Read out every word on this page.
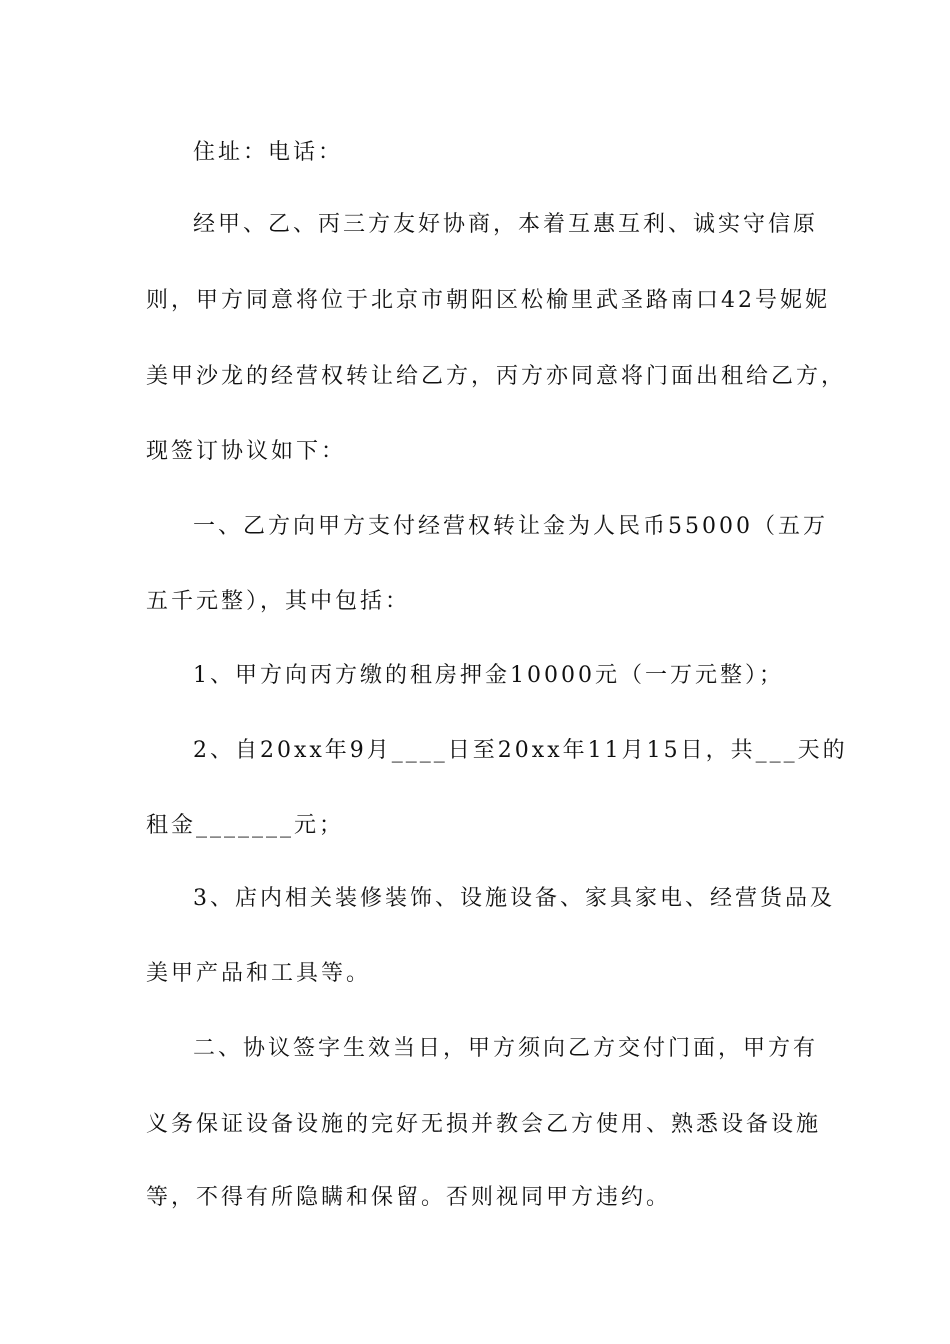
住址：电话：
经甲、乙、丙三方友好协商，本着互惠互利、诚实守信原
则，甲方同意将位于北京市朝阳区松榆里武圣路南口42号妮妮
美甲沙龙的经营权转让给乙方，丙方亦同意将门面出租给乙方，
现签订协议如下：
一、乙方向甲方支付经营权转让金为人民币55000（五万
五千元整），其中包括：
1、甲方向丙方缴的租房押金10000元（一万元整）；
2、自20xx年9月____日至20xx年11月15日，共___天的
租金_______元；
3、店内相关装修装饰、设施设备、家具家电、经营货品及
美甲产品和工具等。
二、协议签字生效当日，甲方须向乙方交付门面，甲方有
义务保证设备设施的完好无损并教会乙方使用、熟悉设备设施
等，不得有所隐瞒和保留。否则视同甲方违约。
